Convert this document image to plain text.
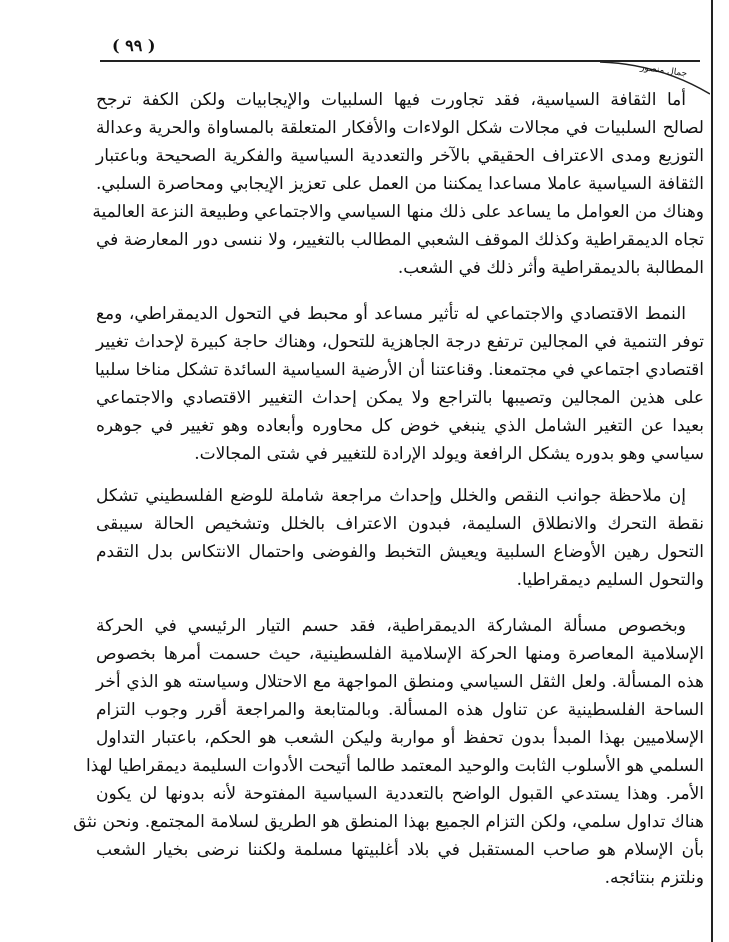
( ٩٩ )
جمال منصور
أما الثقافة السياسية، فقد تجاورت فيها السلبيات والإيجابيات ولكن الكفة ترجح
لصالح السلبيات في مجالات شكل الولاءات والأفكار المتعلقة بالمساواة والحرية وعدالة
التوزيع ومدى الاعتراف الحقيقي بالآخر والتعددية السياسية والفكرية الصحيحة وباعتبار
الثقافة السياسية عاملا مساعدا يمكننا من العمل على تعزيز الإيجابي ومحاصرة السلبي.
وهناك من العوامل ما يساعد على ذلك منها السياسي والاجتماعي وطبيعة النزعة العالمية
تجاه الديمقراطية وكذلك الموقف الشعبي المطالب بالتغيير، ولا ننسى دور المعارضة في
المطالبة بالديمقراطية وأثر ذلك في الشعب.
النمط الاقتصادي والاجتماعي له تأثير مساعد أو محبط في التحول الديمقراطي، ومع
توفر التنمية في المجالين ترتفع درجة الجاهزية للتحول، وهناك حاجة كبيرة لإحداث تغيير
اقتصادي اجتماعي في مجتمعنا. وقناعتنا أن الأرضية السياسية السائدة تشكل مناخا سلبيا
على هذين المجالين وتصيبها بالتراجع ولا يمكن إحداث التغيير الاقتصادي والاجتماعي
بعيدا عن التغير الشامل الذي ينبغي خوض كل محاوره وأبعاده وهو تغيير في جوهره
سياسي وهو بدوره يشكل الرافعة ويولد الإرادة للتغيير في شتى المجالات.
إن ملاحظة جوانب النقص والخلل وإحداث مراجعة شاملة للوضع الفلسطيني تشكل
نقطة التحرك والانطلاق السليمة، فبدون الاعتراف بالخلل وتشخيص الحالة سيبقى
التحول رهين الأوضاع السلبية ويعيش التخبط والفوضى واحتمال الانتكاس بدل التقدم
والتحول السليم ديمقراطيا.
وبخصوص مسألة المشاركة الديمقراطية، فقد حسم التيار الرئيسي في الحركة
الإسلامية المعاصرة ومنها الحركة الإسلامية الفلسطينية، حيث حسمت أمرها بخصوص
هذه المسألة. ولعل الثقل السياسي ومنطق المواجهة مع الاحتلال وسياسته هو الذي أخر
الساحة الفلسطينية عن تناول هذه المسألة. وبالمتابعة والمراجعة أقرر وجوب التزام
الإسلاميين بهذا المبدأ بدون تحفظ أو مواربة وليكن الشعب هو الحكم، باعتبار التداول
السلمي هو الأسلوب الثابت والوحيد المعتمد طالما أتيحت الأدوات السليمة ديمقراطيا لهذا
الأمر. وهذا يستدعي القبول الواضح بالتعددية السياسية المفتوحة لأنه بدونها لن يكون
هناك تداول سلمي، ولكن التزام الجميع بهذا المنطق هو الطريق لسلامة المجتمع. ونحن نثق
بأن الإسلام هو صاحب المستقبل في بلاد أغلبيتها مسلمة ولكننا نرضى بخيار الشعب
ونلتزم بنتائجه.
